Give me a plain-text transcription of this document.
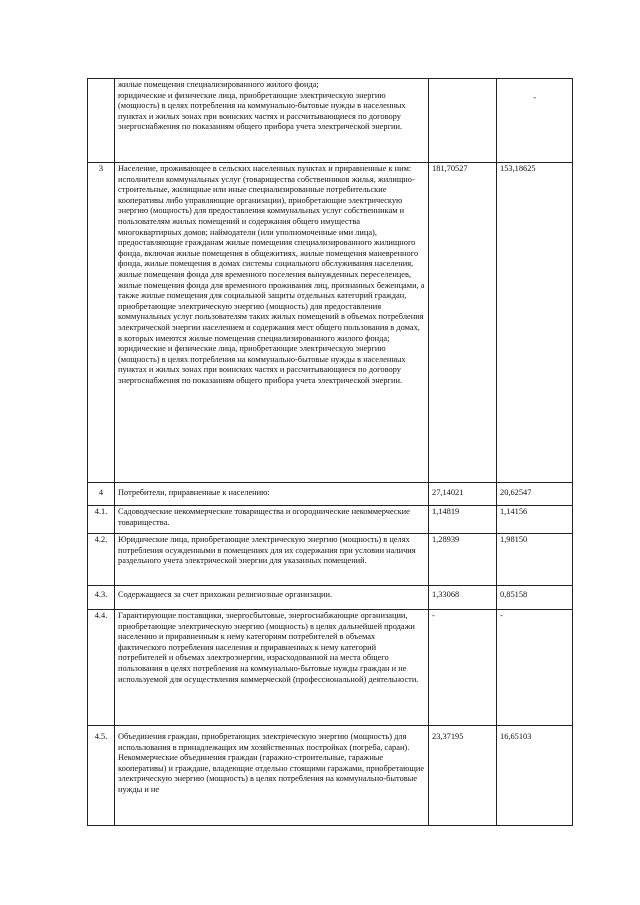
	жилые помещения специализированного жилого фонда;
юридические и физические лица, приобретающие электрическую энергию (мощность) в целях потребления на коммунально-бытовые нужды в населенных пунктах и жилых зонах при воинских частях и рассчитывающиеся по договору энергоснабжения по показаниям общего прибора учета электрической энергии.		-
3	Население, проживающее в сельских населенных пунктах и приравненные к ним:
исполнители коммунальных услуг (товарищества собственников жилья, жилищно-строительные, жилищные или иные специализированные потребительские кооперативы либо управляющие организации), приобретающие электрическую энергию (мощность) для предоставления коммунальных услуг собственникам и пользователям жилых помещений и содержания общего имущества многоквартирных домов; наймодатели (или уполномоченные ими лица), предоставляющие гражданам жилые помещения специализированного жилищного фонда, включая жилые помещения в общежитиях, жилые помещения маневренного фонда, жилые помещения в домах системы социального обслуживания населения, жилые помещения фонда для временного поселения вынужденных переселенцев, жилые помещения фонда для временного проживания лиц, признанных беженцами, а также жилые помещения для социальной защиты отдельных категорий граждан, приобретающие электрическую энергию (мощность) для предоставления коммунальных услуг пользователям таких жилых помещений в объемах потребления электрической энергии населением и содержания мест общего пользования в домах, в которых имеются жилые помещения специализированного жилого фонда;
юридические и физические лица, приобретающие электрическую энергию (мощность) в целях потребления на коммунально-бытовые нужды в населенных пунктах и жилых зонах при воинских частях и рассчитывающиеся по договору энергоснабжения по показаниям общего прибора учета электрической энергии.	181,70527	153,18625
4	Потребители, приравненные к населению:	27,14021	20,62547
4.1.	Садоводческие некоммерческие товарищества и огороднические некоммерческие товарищества.	1,14819	1,14156
4.2.	Юридические лица, приобретающие электрическую энергию (мощность) в целях потребления осужденными в помещениях для их содержания при условии наличия раздельного учета электрической энергии для указанных помещений.	1,28939	1,98150
4.3.	Содержащиеся за счет прихожан религиозные организации.	1,33068	0,85158
4.4.	Гарантирующие поставщики, энергосбытовые, энергоснабжающие организации, приобретающие электрическую энергию (мощность) в целях дальнейшей продажи населению и приравненным к нему категориям потребителей в объемах фактического потребления населения и приравненных к нему категорий потребителей и объемах электроэнергии, израсходованной на места общего пользования в целях потребления на коммунально-бытовые нужды граждан и не используемой для осуществления коммерческой (профессиональной) деятельности.	-	-
4.5.	Объединения граждан, приобретающих электрическую энергию (мощность) для использования в принадлежащих им хозяйственных постройках (погреба, сараи).
Некоммерческие объединения граждан (гаражно-строительные, гаражные кооперативы) и граждане, владеющие отдельно стоящими гаражами, приобретающие электрическую энергию (мощность) в целях потребления на коммунально-бытовые нужды и не	23,37195	16,65103
